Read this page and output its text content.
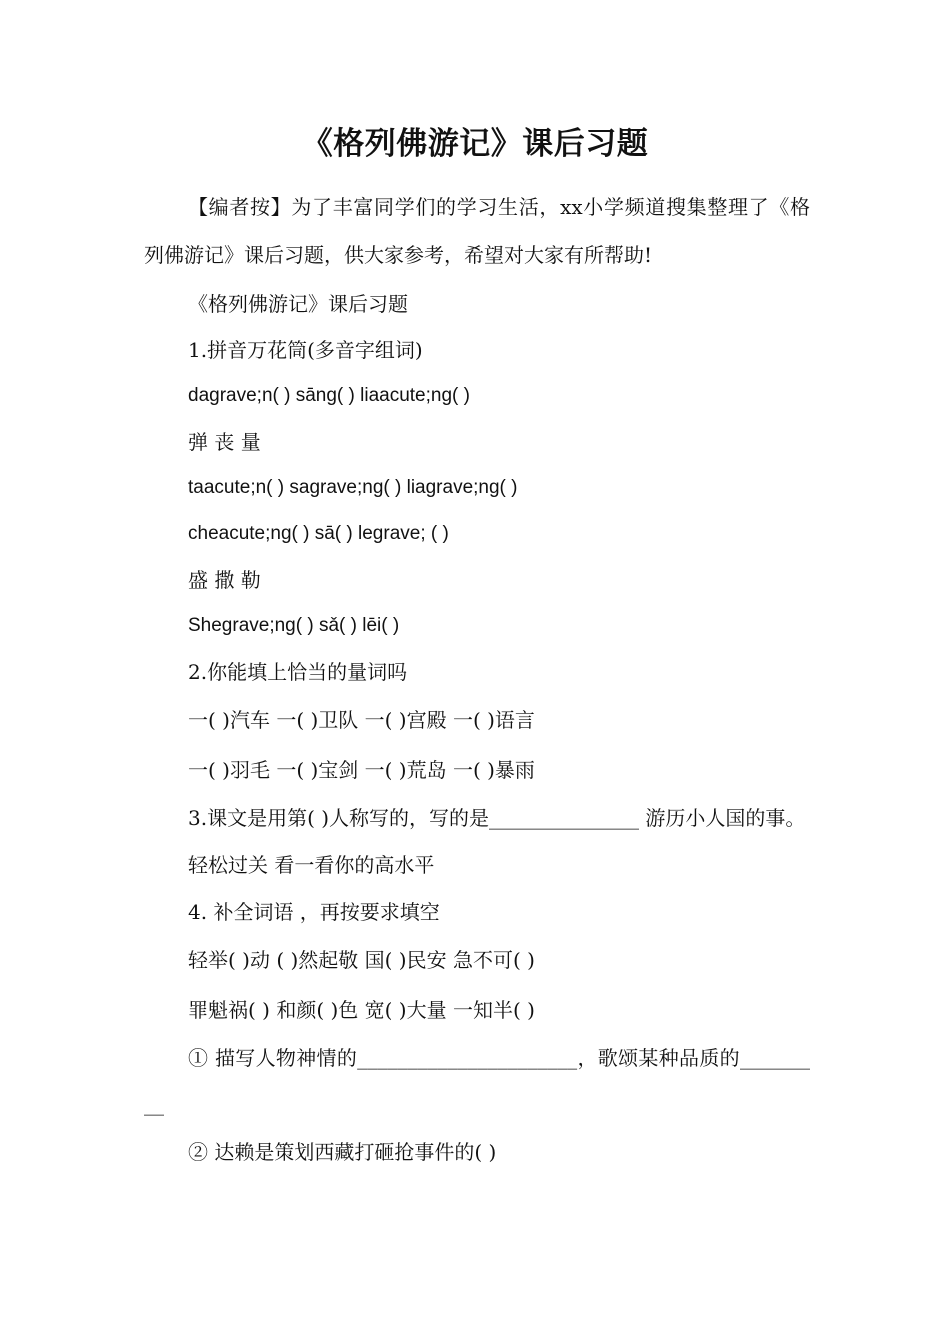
《格列佛游记》课后习题

【编者按】为了丰富同学们的学习生活，xx小学频道搜集整理了《格列佛游记》课后习题，供大家参考，希望对大家有所帮助!

《格列佛游记》课后习题

1.拼音万花筒(多音字组词)

dagrave;n( ) sāng( ) liaacute;ng( )

弹 丧 量

taacute;n( ) sagrave;ng( ) liagrave;ng( )

cheacute;ng( ) sā( ) legrave; ( )

盛 撒 勒

Shegrave;ng( ) sǎ( ) lēi( )

2.你能填上恰当的量词吗

一( )汽车 一( )卫队 一( )宫殿 一( )语言

一( )羽毛 一( )宝剑 一( )荒岛 一( )暴雨

3.课文是用第( )人称写的，写的是_______________ 游历小人国的事。

轻松过关 看一看你的高水平

4. 补全词语 ，再按要求填空

轻举( )动 ( )然起敬 国( )民安 急不可( )

罪魁祸( ) 和颜( )色 宽( )大量 一知半( )

① 描写人物神情的______________________，歌颂某种品质的_________

② 达赖是策划西藏打砸抢事件的( )
